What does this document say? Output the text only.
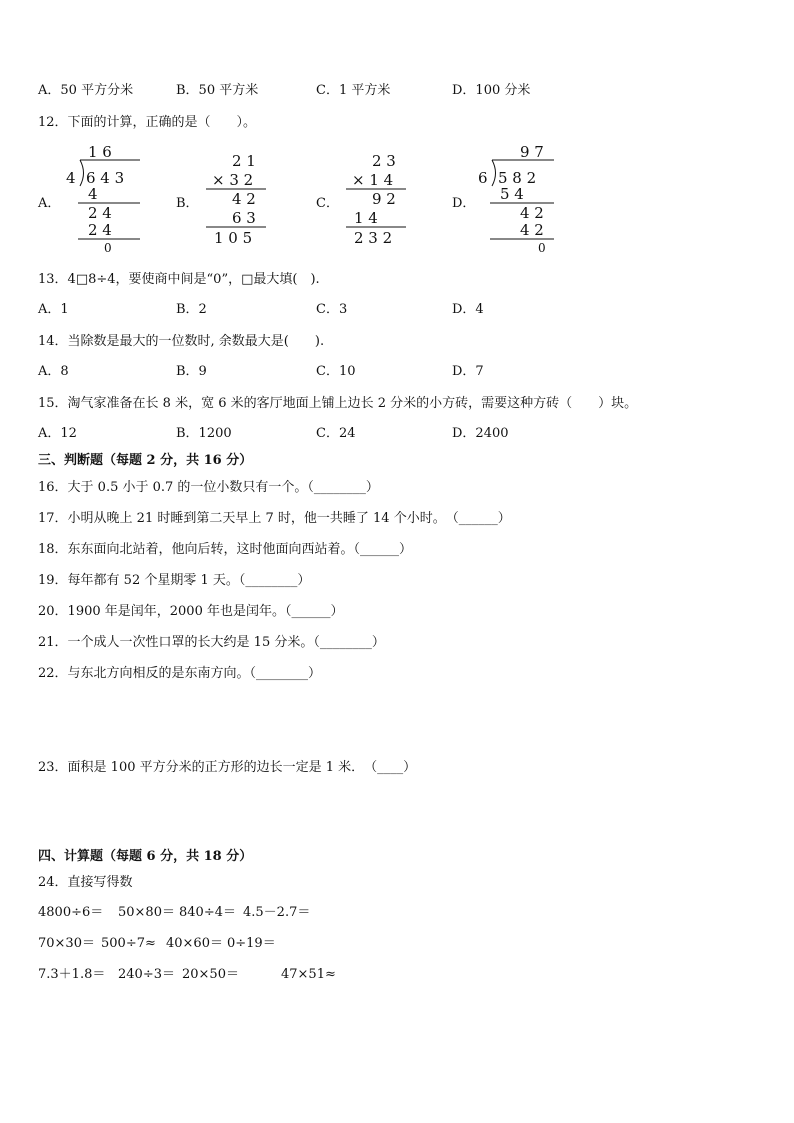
A．50 平方分米	B．50 平方米	C．1 平方米	D．100 分米
12．下面的计算，正确的是（　　）。
A．	B．	C．	D．
1 6
4 6 4 3
4
2 4
2 4
0
2 1
× 3 2
4 2
6 3
1 0 5
2 3
× 1 4
9 2
1 4
2 3 2
9 7
6 5 8 2
5 4
4 2
4 2
0
13．4□8÷4，要使商中间是“0”，□最大填(　).
A．1	B．2	C．3	D．4
14．当除数是最大的一位数时, 余数最大是(　　).
A．8	B．9	C．10	D．7
15．淘气家准备在长 8 米，宽 6 米的客厅地面上铺上边长 2 分米的小方砖，需要这种方砖（　　）块。
A．12	B．1200	C．24	D．2400
三、判断题（每题 2 分，共 16 分）
16．大于 0.5 小于 0.7 的一位小数只有一个。（________）
17．小明从晚上 21 时睡到第二天早上 7 时，他一共睡了 14 个小时。　（______）
18．东东面向北站着，他向后转，这时他面向西站着。（______）
19．每年都有 52 个星期零 1 天。（________）
20．1900 年是闰年，2000 年也是闰年。（______）
21．一个成人一次性口罩的长大约是 15 分米。（________）
22．与东北方向相反的是东南方向。（________）
23．面积是 100 平方分米的正方形的边长一定是 1 米．　（____）
四、计算题（每题 6 分，共 18 分）
24．直接写得数
4800÷6＝ 50×80＝ 840÷4＝ 4.5－2.7＝
70×30＝ 500÷7≈ 40×60＝ 0÷19＝
7.3＋1.8＝ 240÷3＝ 20×50＝	47×51≈
